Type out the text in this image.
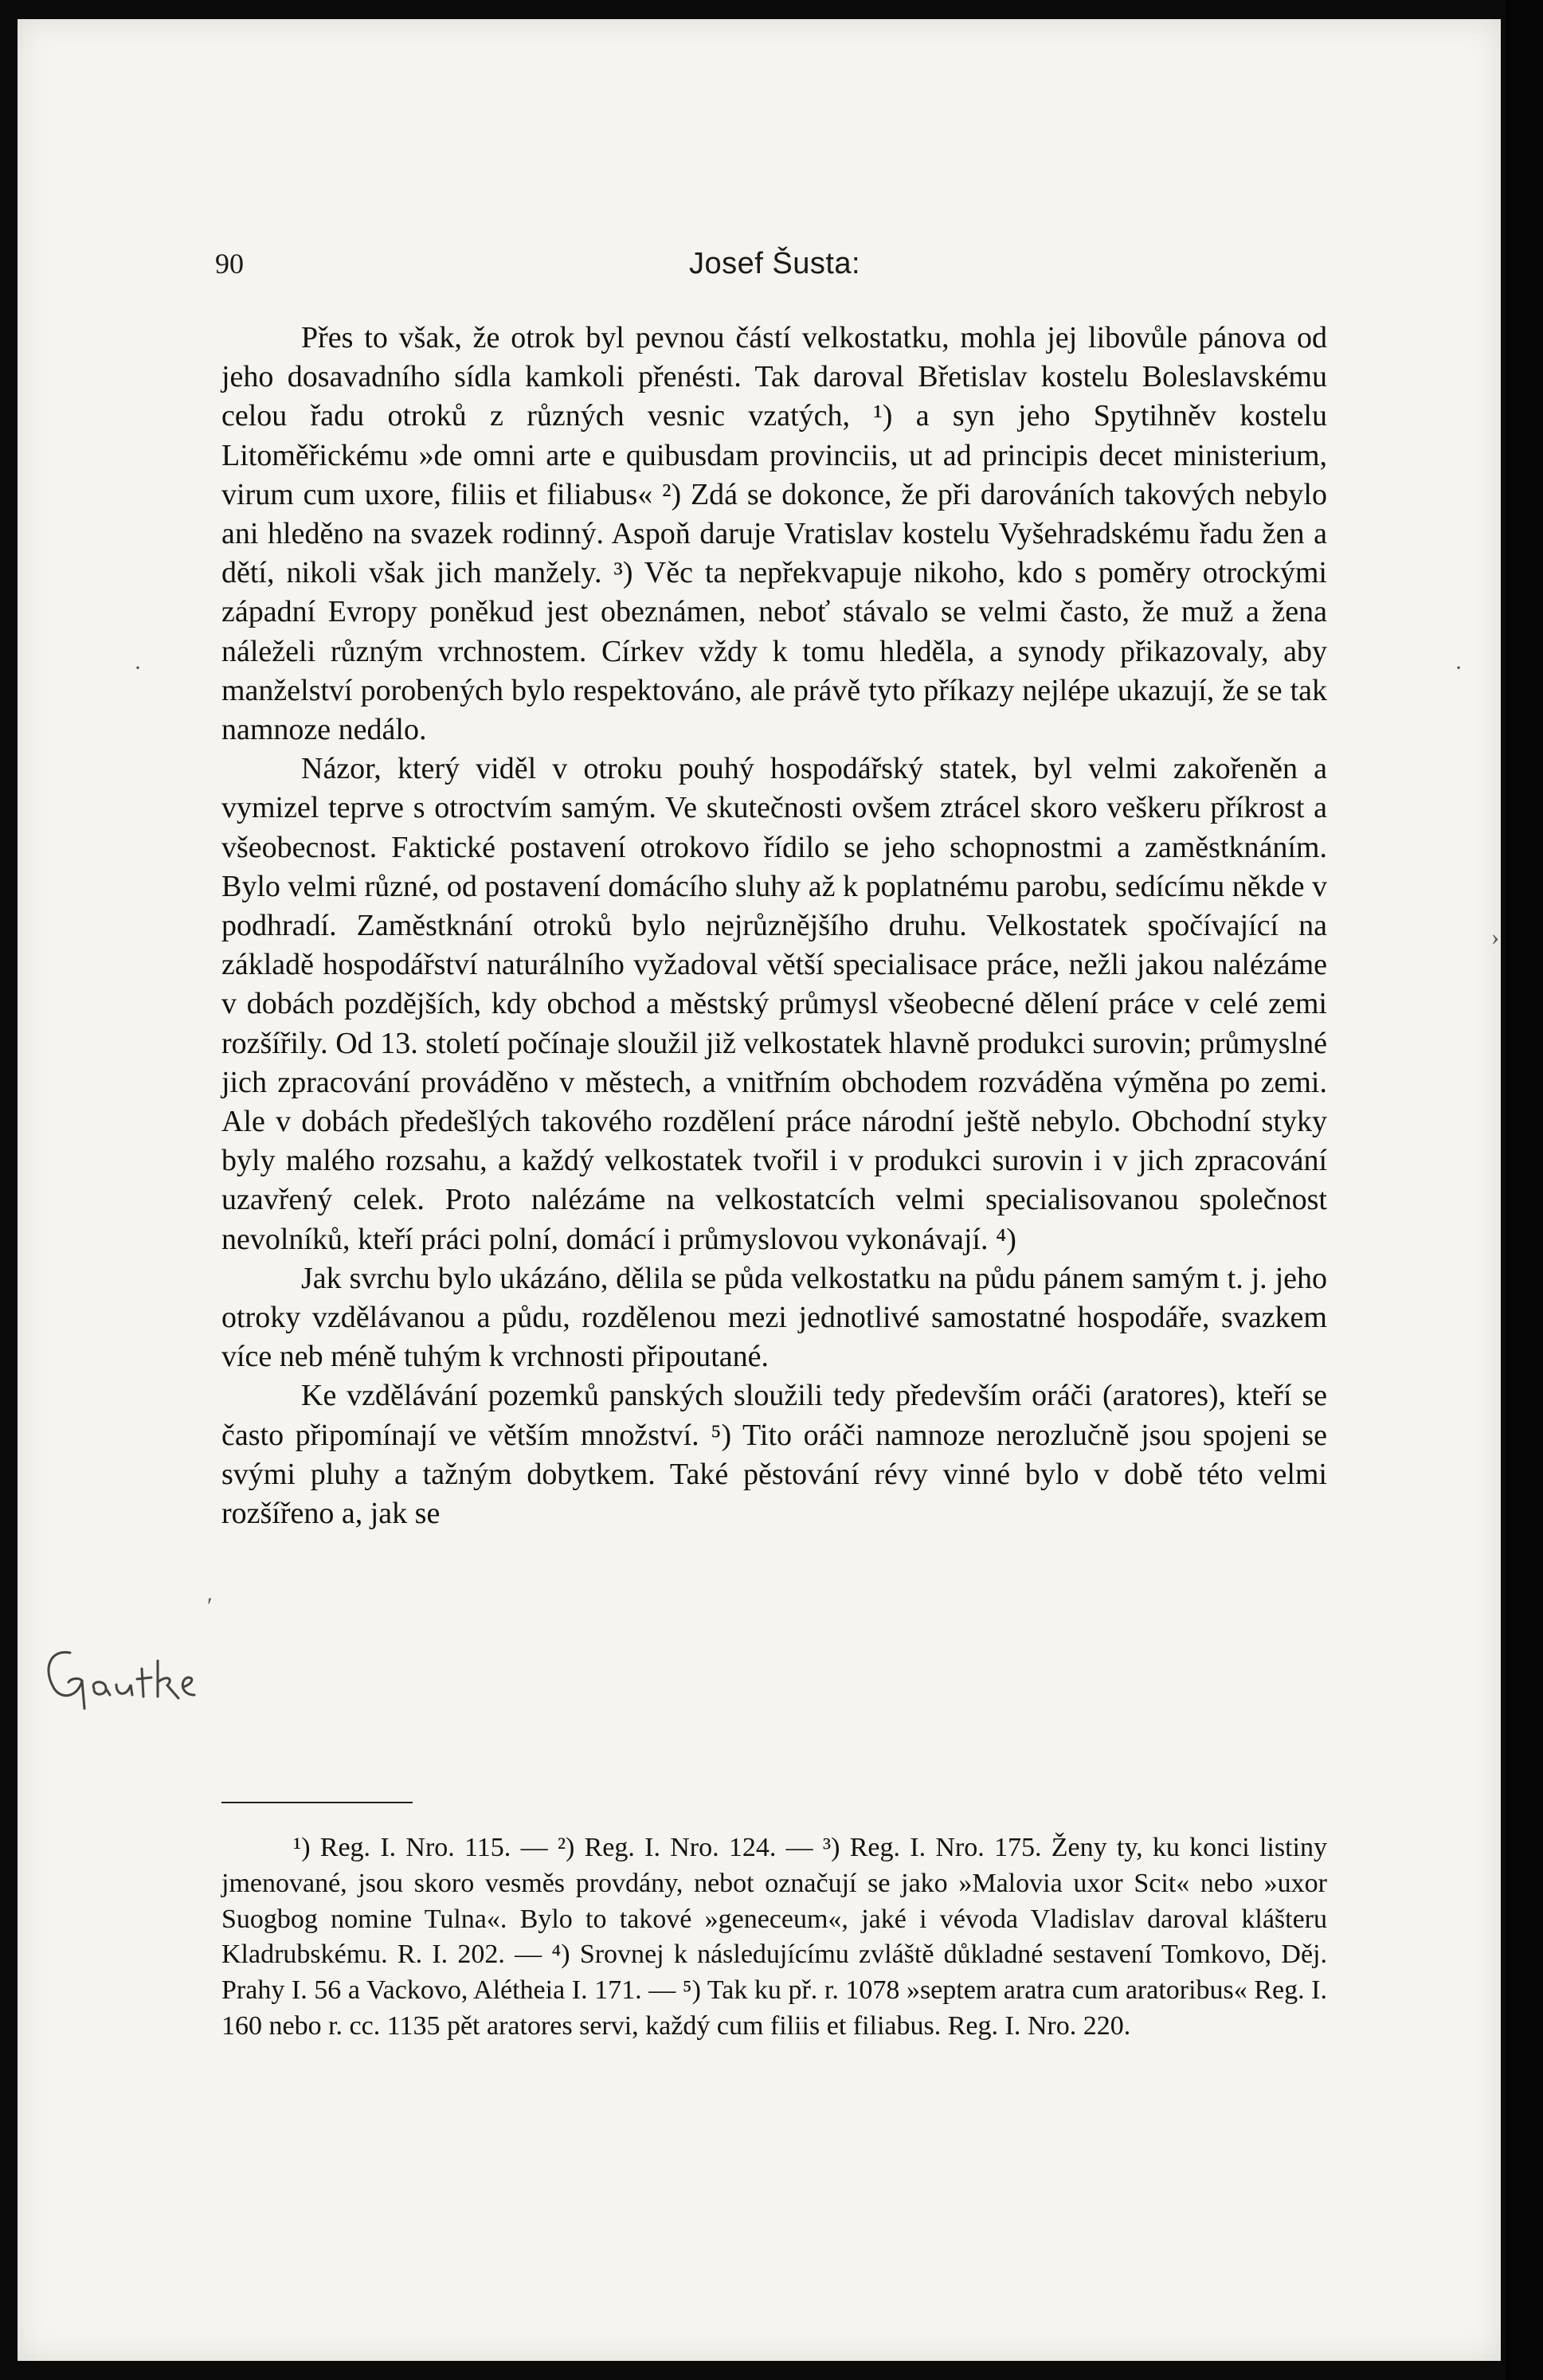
90	Josef Šusta:

Přes to však, že otrok byl pevnou částí velkostatku, mohla jej libovůle pánova od jeho dosavadního sídla kamkoli přenésti. Tak daroval Břetislav kostelu Boleslavskému celou řadu otroků z různých vesnic vzatých, ¹) a syn jeho Spytihněv kostelu Litoměřickému »de omni arte e quibusdam provinciis, ut ad principis decet ministerium, virum cum uxore, filiis et filiabus« ²) Zdá se dokonce, že při darováních takových nebylo ani hleděno na svazek rodinný. Aspoň daruje Vratislav kostelu Vyšehradskému řadu žen a dětí, nikoli však jich manžely. ³) Věc ta nepřekvapuje nikoho, kdo s poměry otrockými západní Evropy poněkud jest obeznámen, neboť stávalo se velmi často, že muž a žena náleželi různým vrchnostem. Církev vždy k tomu hleděla, a synody přikazovaly, aby manželství porobených bylo respektováno, ale právě tyto příkazy nejlépe ukazují, že se tak namnoze nedálo.

Názor, který viděl v otroku pouhý hospodářský statek, byl velmi zakořeněn a vymizel teprve s otroctvím samým. Ve skutečnosti ovšem ztrácel skoro veškeru příkrost a všeobecnost. Faktické postavení otrokovo řídilo se jeho schopnostmi a zaměstknáním. Bylo velmi různé, od postavení domácího sluhy až k poplatnému parobu, sedícímu někde v podhradí. Zaměstknání otroků bylo nejrůznějšího druhu. Velkostatek spočívající na základě hospodářství naturálního vyžadoval větší specialisace práce, nežli jakou nalézáme v dobách pozdějších, kdy obchod a městský průmysl všeobecné dělení práce v celé zemi rozšířily. Od 13. století počínaje sloužil již velkostatek hlavně produkci surovin; průmyslné jich zpracování prováděno v městech, a vnitřním obchodem rozváděna výměna po zemi. Ale v dobách předešlých takového rozdělení práce národní ještě nebylo. Obchodní styky byly malého rozsahu, a každý velkostatek tvořil i v produkci surovin i v jich zpracování uzavřený celek. Proto nalézáme na velkostatcích velmi specialisovanou společnost nevolníků, kteří práci polní, domácí i průmyslovou vykonávají. ⁴)

Jak svrchu bylo ukázáno, dělila se půda velkostatku na půdu pánem samým t. j. jeho otroky vzdělávanou a půdu, rozdělenou mezi jednotlivé samostatné hospodáře, svazkem více neb méně tuhým k vrchnosti připoutané.

Ke vzdělávání pozemků panských sloužili tedy především oráči (aratores), kteří se často připomínají ve větším množství. ⁵) Tito oráči namnoze nerozlučně jsou spojeni se svými pluhy a tažným dobytkem. Také pěstování révy vinné bylo v době této velmi rozšířeno a, jak se

¹) Reg. I. Nro. 115. — ²) Reg. I. Nro. 124. — ³) Reg. I. Nro. 175. Ženy ty, ku konci listiny jmenované, jsou skoro vesměs provdány, nebot označují se jako »Malovia uxor Scit« nebo »uxor Suogbog nomine Tulna«. Bylo to takové »geneceum«, jaké i vévoda Vladislav daroval klášteru Kladrubskému. R. I. 202. — ⁴) Srovnej k následujícímu zvláště důkladné sestavení Tomkovo, Děj. Prahy I. 56 a Vackovo, Alétheia I. 171. — ⁵) Tak ku př. r. 1078 »septem aratra cum aratoribus« Reg. I. 160 nebo r. cc. 1135 pět aratores servi, každý cum filiis et filiabus. Reg. I. Nro. 220.

·	·
›
ʹ
